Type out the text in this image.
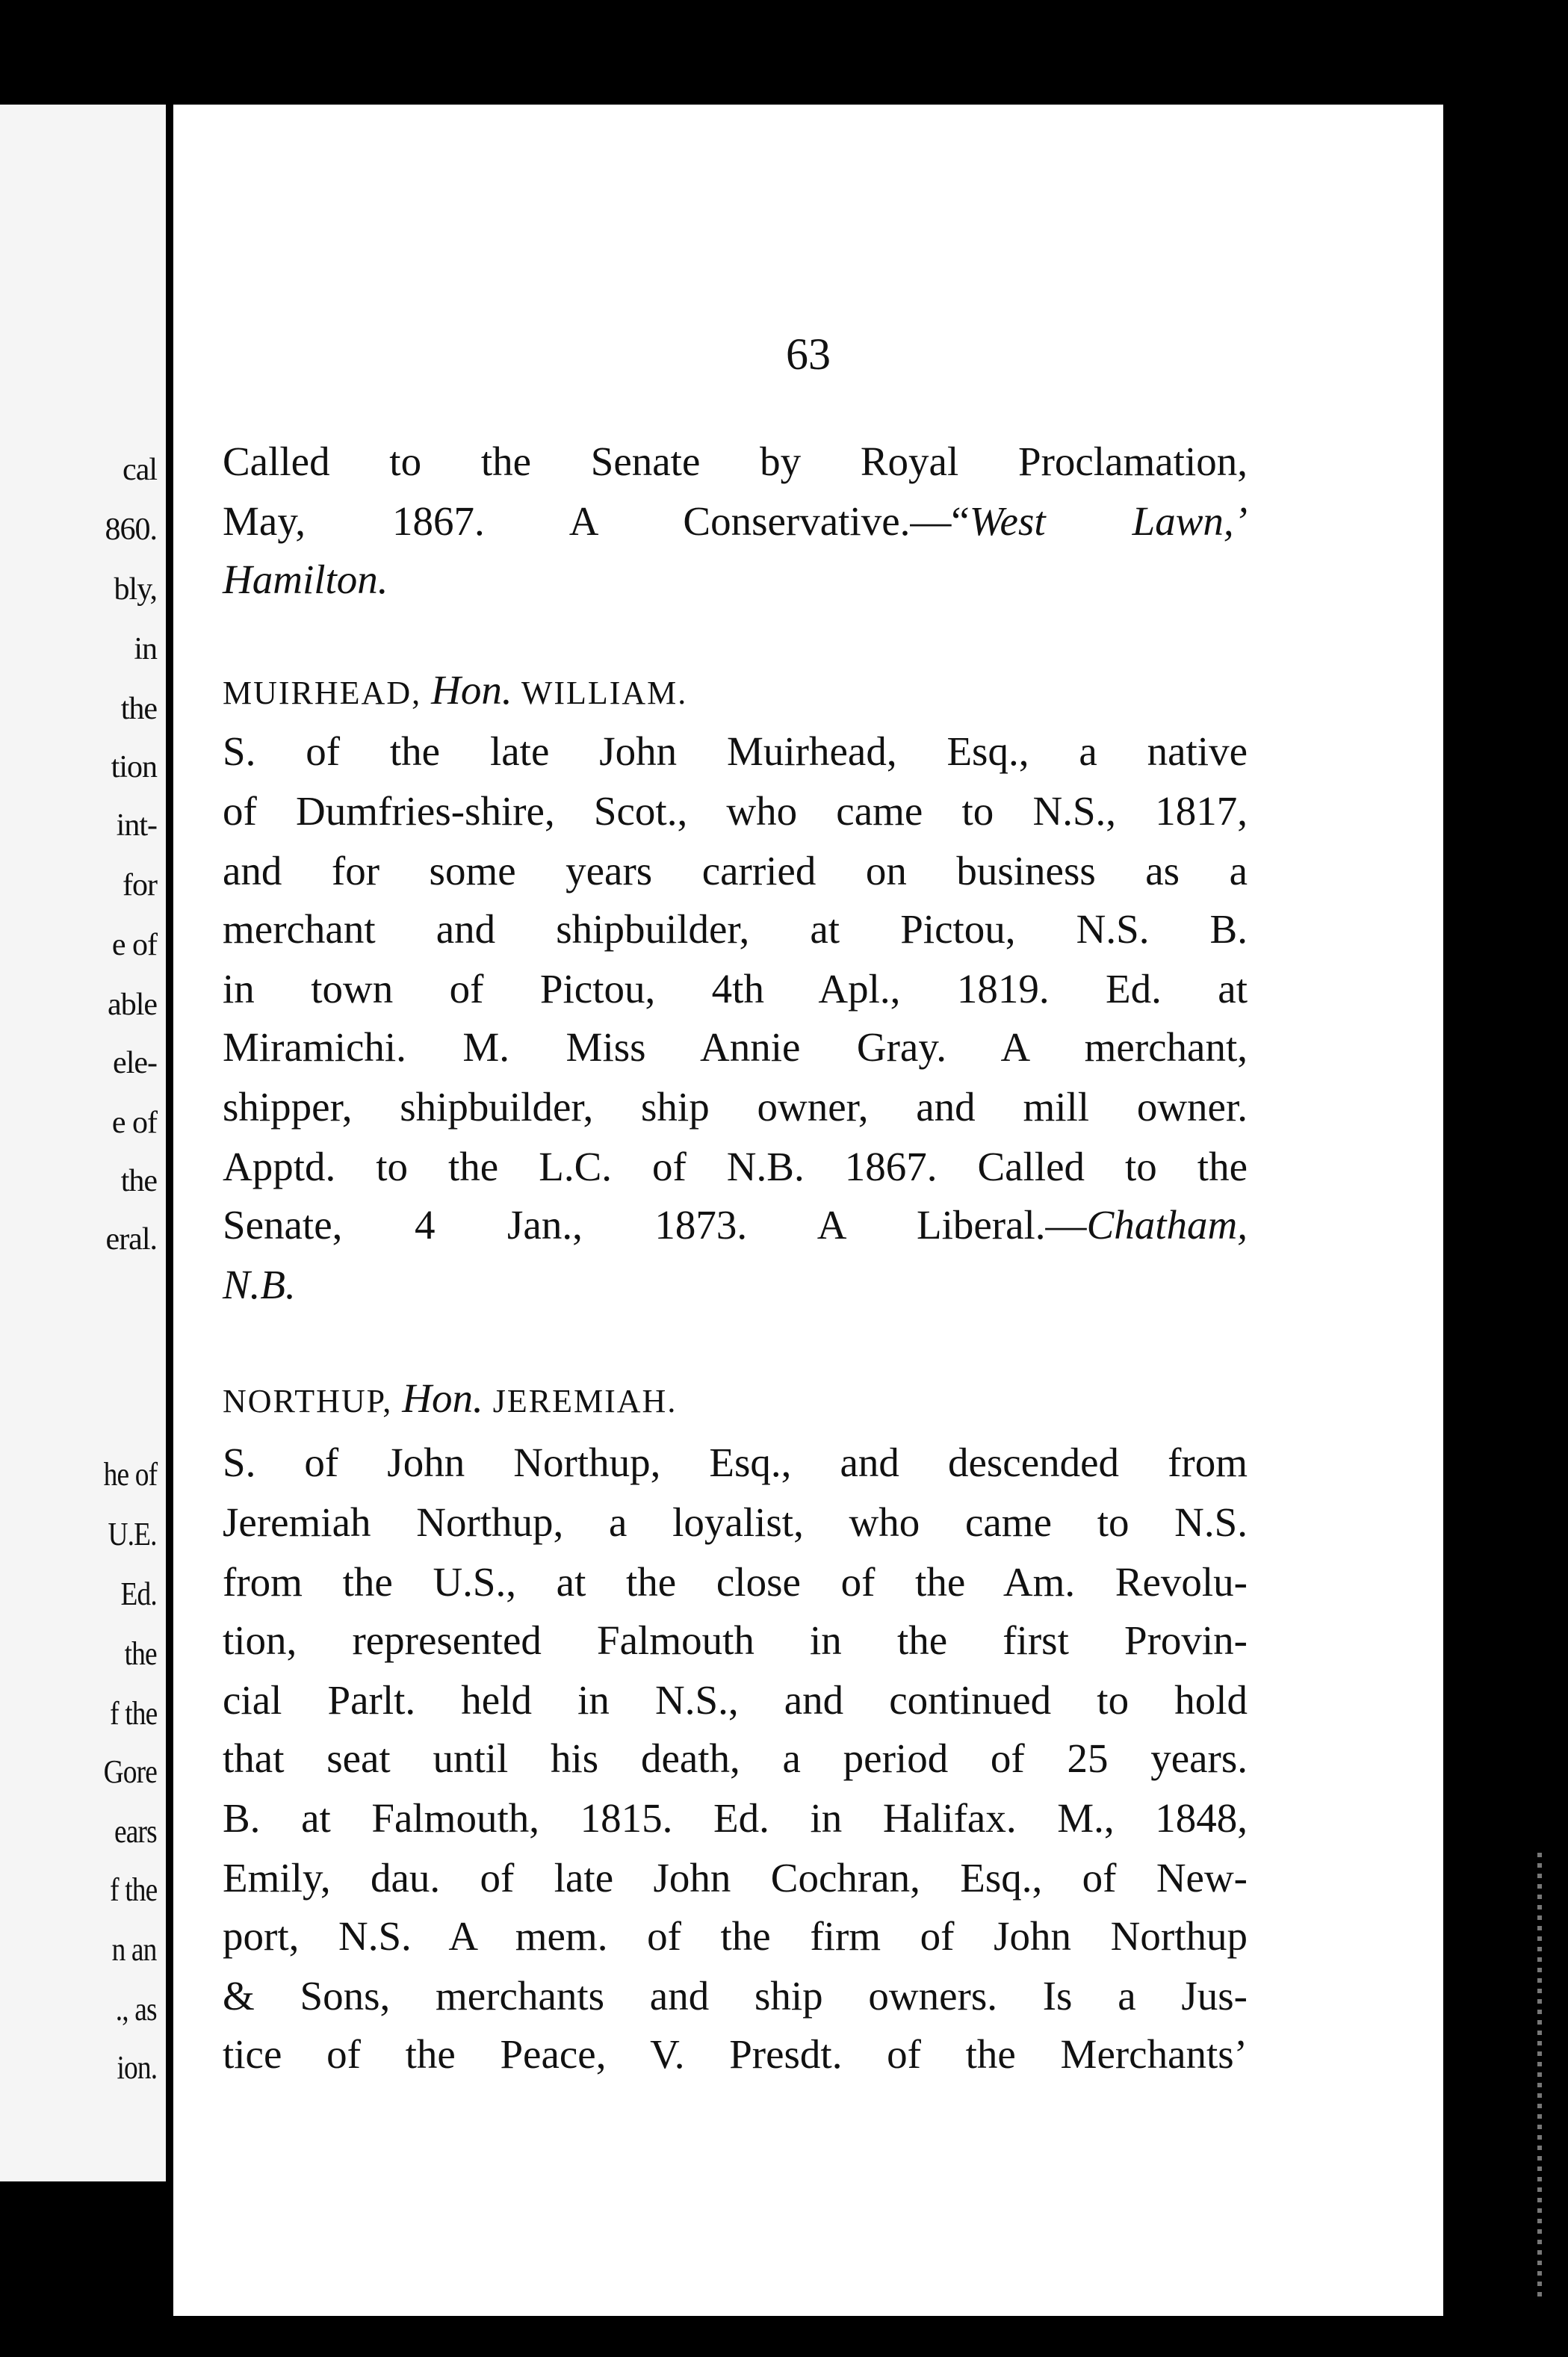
cal
860.
bly,
in
the
tion
int-
for
e of
able
ele-
e of
the
eral.
he of
U.E.
Ed.
the
f the
Gore
ears
f the
n an
., as
ion.
63
Called to the Senate by Royal Proclamation,
May, 1867. A Conservative.—“West Lawn,’
Hamilton.
MUIRHEAD, Hon. WILLIAM.
S. of the late John Muirhead, Esq., a native
of Dumfries-shire, Scot., who came to N.S., 1817,
and for some years carried on business as a
merchant and shipbuilder, at Pictou, N.S. B.
in town of Pictou, 4th Apl., 1819. Ed. at
Miramichi. M. Miss Annie Gray. A merchant,
shipper, shipbuilder, ship owner, and mill owner.
Apptd. to the L.C. of N.B. 1867. Called to the
Senate, 4 Jan., 1873. A Liberal.—Chatham,
N.B.
NORTHUP, Hon. JEREMIAH.
S. of John Northup, Esq., and descended from
Jeremiah Northup, a loyalist, who came to N.S.
from the U.S., at the close of the Am. Revolu-
tion, represented Falmouth in the first Provin-
cial Parlt. held in N.S., and continued to hold
that seat until his death, a period of 25 years.
B. at Falmouth, 1815. Ed. in Halifax. M., 1848,
Emily, dau. of late John Cochran, Esq., of New-
port, N.S. A mem. of the firm of John Northup
& Sons, merchants and ship owners. Is a Jus-
tice of the Peace, V. Presdt. of the Merchants’
